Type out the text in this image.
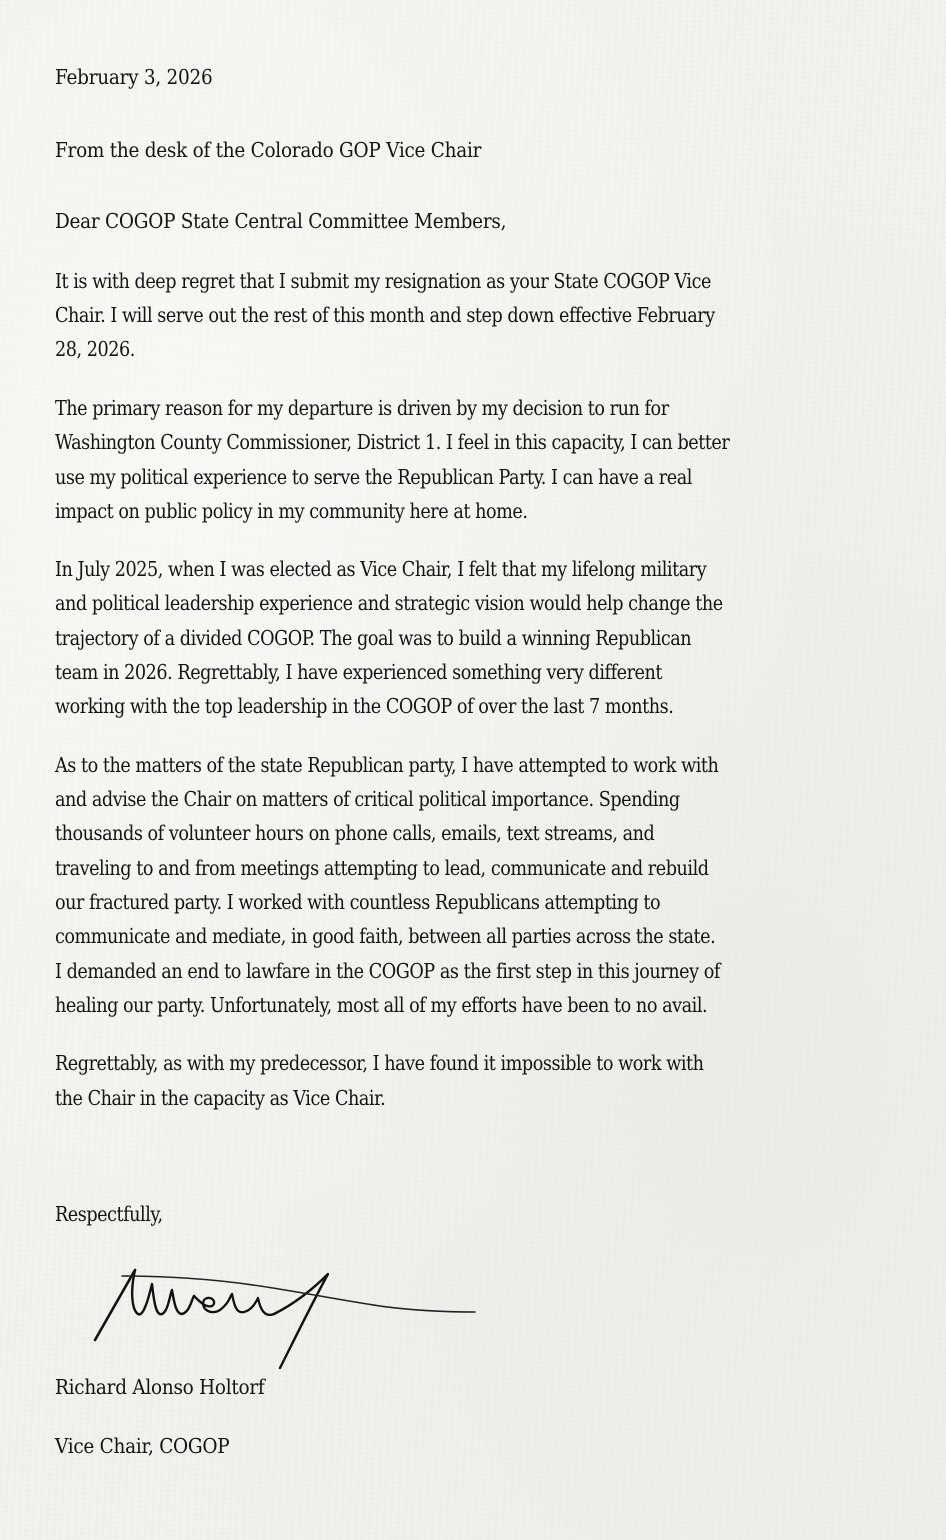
February 3, 2026
From the desk of the Colorado GOP Vice Chair
Dear COGOP State Central Committee Members,
It is with deep regret that I submit my resignation as your State COGOP Vice
Chair. I will serve out the rest of this month and step down effective February
28, 2026.
The primary reason for my departure is driven by my decision to run for
Washington County Commissioner, District 1. I feel in this capacity, I can better
use my political experience to serve the Republican Party. I can have a real
impact on public policy in my community here at home.
In July 2025, when I was elected as Vice Chair, I felt that my lifelong military
and political leadership experience and strategic vision would help change the
trajectory of a divided COGOP. The goal was to build a winning Republican
team in 2026. Regrettably, I have experienced something very different
working with the top leadership in the COGOP of over the last 7 months.
As to the matters of the state Republican party, I have attempted to work with
and advise the Chair on matters of critical political importance. Spending
thousands of volunteer hours on phone calls, emails, text streams, and
traveling to and from meetings attempting to lead, communicate and rebuild
our fractured party. I worked with countless Republicans attempting to
communicate and mediate, in good faith, between all parties across the state.
I demanded an end to lawfare in the COGOP as the first step in this journey of
healing our party. Unfortunately, most all of my efforts have been to no avail.
Regrettably, as with my predecessor, I have found it impossible to work with
the Chair in the capacity as Vice Chair.
Respectfully,
Richard Alonso Holtorf
Vice Chair, COGOP
